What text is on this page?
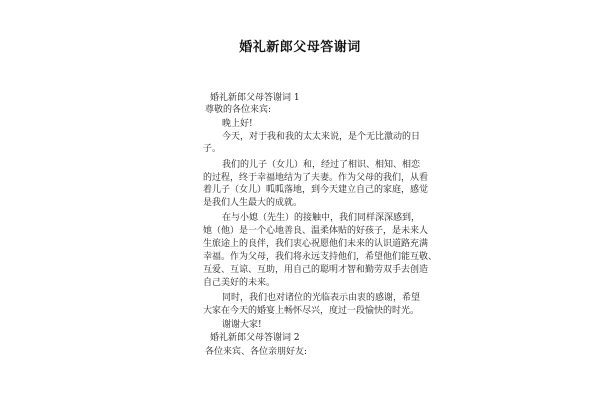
婚礼新郎父母答谢词
婚礼新郎父母答谢词 1
尊敬的各位来宾:
晚上好!
今天，对于我和我的太太来说，是个无比激动的日
子。
我们的儿子（女儿）和，经过了相识、相知、相恋
的过程，终于幸福地结为了夫妻。作为父母的我们，从看
着儿子（女儿）呱呱落地，到今天建立自己的家庭，感觉
是我们人生最大的成就。
在与小媳（先生）的接触中，我们同样深深感到，
她（他）是一个心地善良、温柔体贴的好孩子，是未来人
生旅途上的良伴，我们衷心祝愿他们未来的认识道路充满
幸福。作为父母，我们将永远支持他们，希望他们能互敬、
互爱、互谅、互助，用自己的聪明才智和勤劳双手去创造
自己美好的未来。
同时，我们也对诸位的光临表示由衷的感谢，希望
大家在今天的婚宴上畅怀尽兴，度过一段愉快的时光。
谢谢大家!
婚礼新郎父母答谢词 2
各位来宾、各位亲朋好友:
